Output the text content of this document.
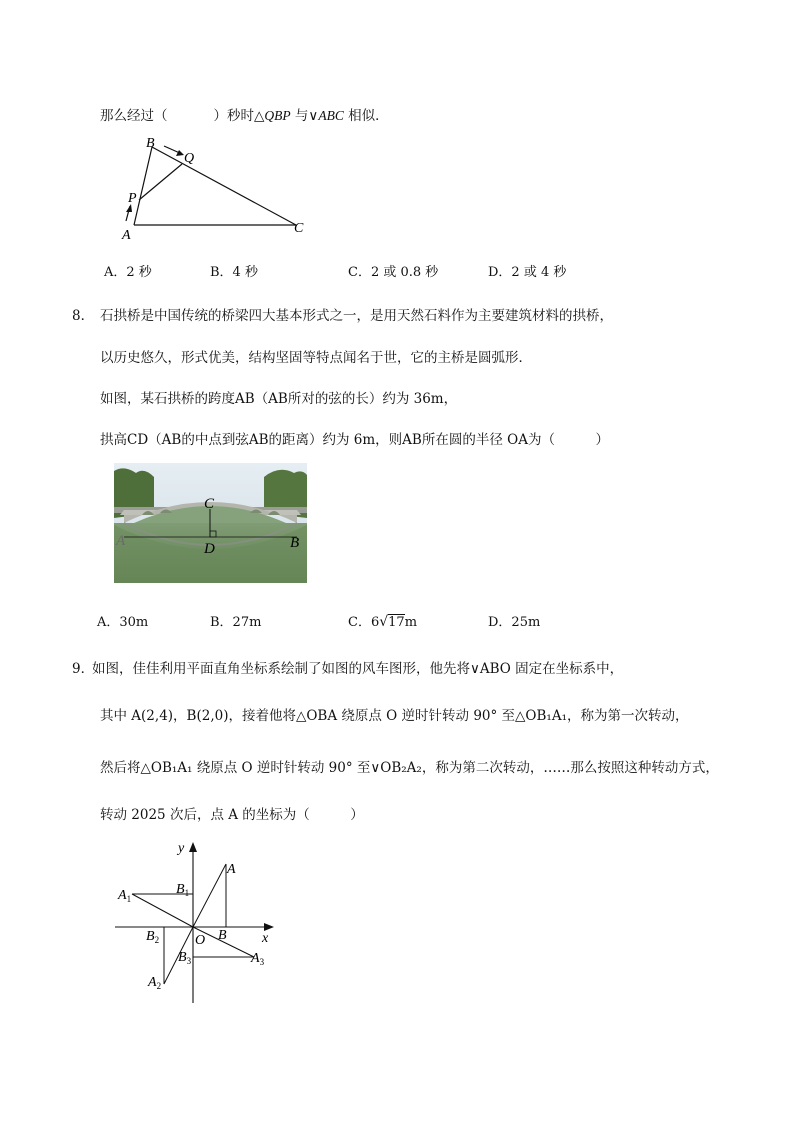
那么经过（	）秒时△QBP 与∨ABC 相似．
B
Q
P
A	C
A．2 秒	B．4 秒	C．2 或 0.8 秒	D．2 或 4 秒
8． 石拱桥是中国传统的桥梁四大基本形式之一，是用天然石料作为主要建筑材料的拱桥，
以历史悠久，形式优美，结构坚固等特点闻名于世，它的主桥是圆弧形．
如图，某石拱桥的跨度AB（AB所对的弦的长）约为 36m，
拱高CD（AB的中点到弦AB的距离）约为 6m，则AB所在圆的半径 OA为（　　　）
C
D
A	B
A．30m	B．27m	C．6√17m	D．25m
9．
如图，佳佳利用平面直角坐标系绘制了如图的风车图形，他先将∨ABO 固定在坐标系中，
其中 A(2,4)，B(2,0)，接着他将△OBA 绕原点 O 逆时针转动 90° 至△OB₁A₁，称为第一次转动，
然后将△OB₁A₁ 绕原点 O 逆时针转动 90° 至∨OB₂A₂，称为第二次转动，……那么按照这种转动方式，
转动 2025 次后，点 A 的坐标为（　　　）
y
x
O
A
B
$B_1$
$A_1$
$B_2$
$A_2$
$B_3$	$A_3$
